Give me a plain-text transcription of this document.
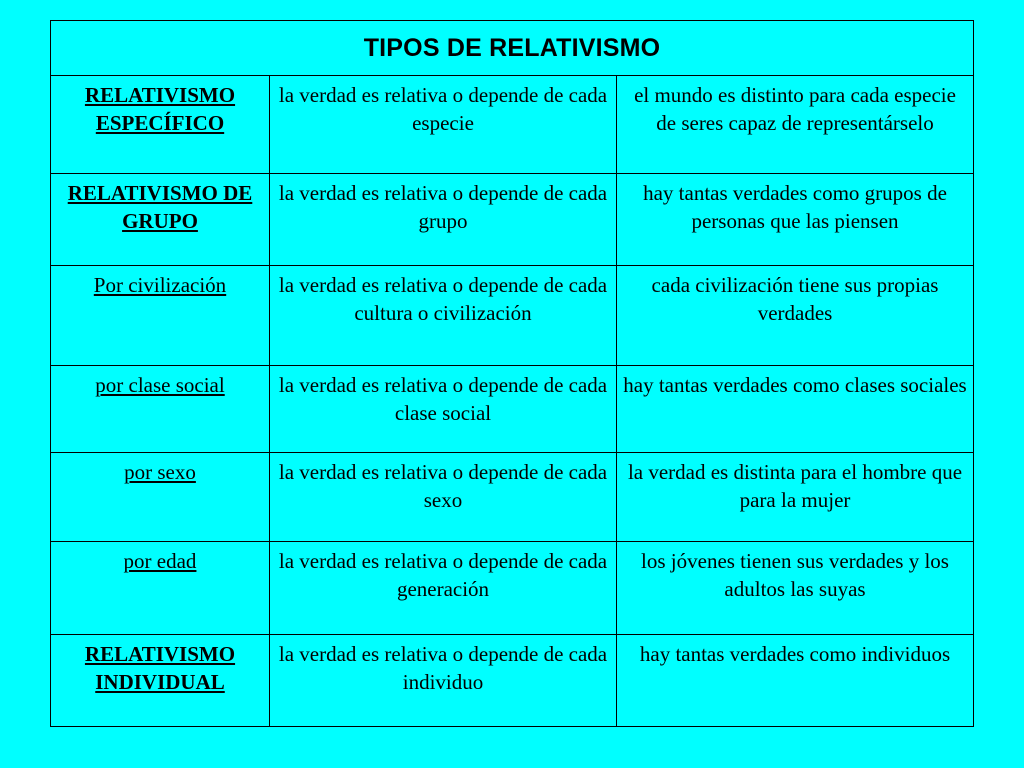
TIPOS DE RELATIVISMO		
RELATIVISMO ESPECÍFICO	la verdad es relativa o depende de cada especie	el mundo es distinto para cada especie de seres capaz de representárselo
RELATIVISMO DE GRUPO	la verdad es relativa o depende de cada grupo	hay tantas verdades como grupos de personas que las piensen
Por civilización	la verdad es relativa o depende de cada cultura o civilización	cada civilización tiene sus propias verdades
por clase social	la verdad es relativa o depende de cada clase social	hay tantas verdades como clases sociales
por sexo	la verdad es relativa o depende de cada sexo	la verdad es distinta para el hombre que para la mujer
por edad	la verdad es relativa o depende de cada generación	los jóvenes tienen sus verdades y los adultos las suyas
RELATIVISMO INDIVIDUAL	la verdad es relativa o depende de cada individuo	hay tantas verdades como individuos
